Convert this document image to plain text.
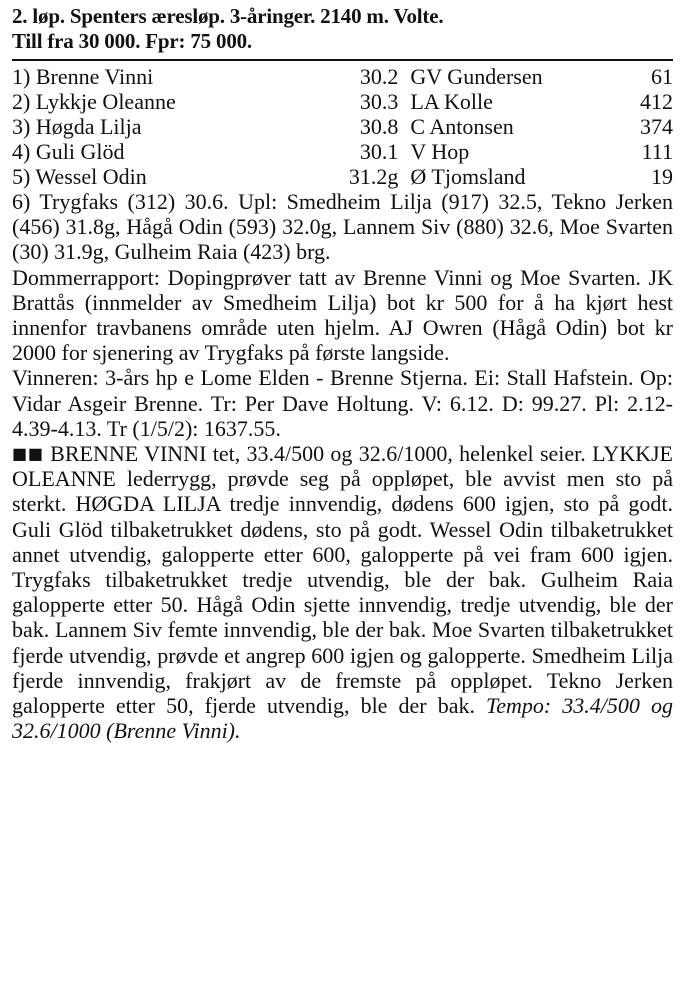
2. løp. Spenters æresløp. 3-åringer. 2140 m. Volte.
Till fra 30 000. Fpr: 75 000.
1) Brenne Vinni	30.2 GV Gundersen	61
2) Lykkje Oleanne	30.3 LA Kolle	412
3) Høgda Lilja	30.8 C Antonsen	374
4) Guli Glöd	30.1 V Hop	111
5) Wessel Odin	31.2g Ø Tjomsland	19

6) Trygfaks (312) 30.6. Upl: Smedheim Lilja (917) 32.5, Tekno Jerken (456) 31.8g, Hågå Odin (593) 32.0g, Lannem Siv (880) 32.6, Moe Svarten (30) 31.9g, Gulheim Raia (423) brg.

Dommerrapport: Dopingprøver tatt av Brenne Vinni og Moe Svarten. JK Brattås (innmelder av Smedheim Lilja) bot kr 500 for å ha kjørt hest innenfor travbanens område uten hjelm. AJ Owren (Hågå Odin) bot kr 2000 for sjenering av Trygfaks på første langside.

Vinneren: 3-års hp e Lome Elden - Brenne Stjerna. Ei: Stall Hafstein. Op: Vidar Asgeir Brenne. Tr: Per Dave Holtung. V: 6.12. D: 99.27. Pl: 2.12-4.39-4.13. Tr (1/5/2): 1637.55.

■■ BRENNE VINNI tet, 33.4/500 og 32.6/1000, helenkel seier. LYKKJE OLEANNE lederrygg, prøvde seg på oppløpet, ble avvist men sto på sterkt. HØGDA LILJA tredje innvendig, dødens 600 igjen, sto på godt. Guli Glöd tilbaketrukket dødens, sto på godt. Wessel Odin tilbaketrukket annet utvendig, galopperte etter 600, galopperte på vei fram 600 igjen. Trygfaks tilbaketrukket tredje utvendig, ble der bak. Gulheim Raia galopperte etter 50. Hågå Odin sjette innvendig, tredje utvendig, ble der bak. Lannem Siv femte innvendig, ble der bak. Moe Svarten tilbaketrukket fjerde utvendig, prøvde et angrep 600 igjen og galopperte. Smedheim Lilja fjerde innvendig, frakjørt av de fremste på oppløpet. Tekno Jerken galopperte etter 50, fjerde utvendig, ble der bak. Tempo: 33.4/500 og 32.6/1000 (Brenne Vinni).
